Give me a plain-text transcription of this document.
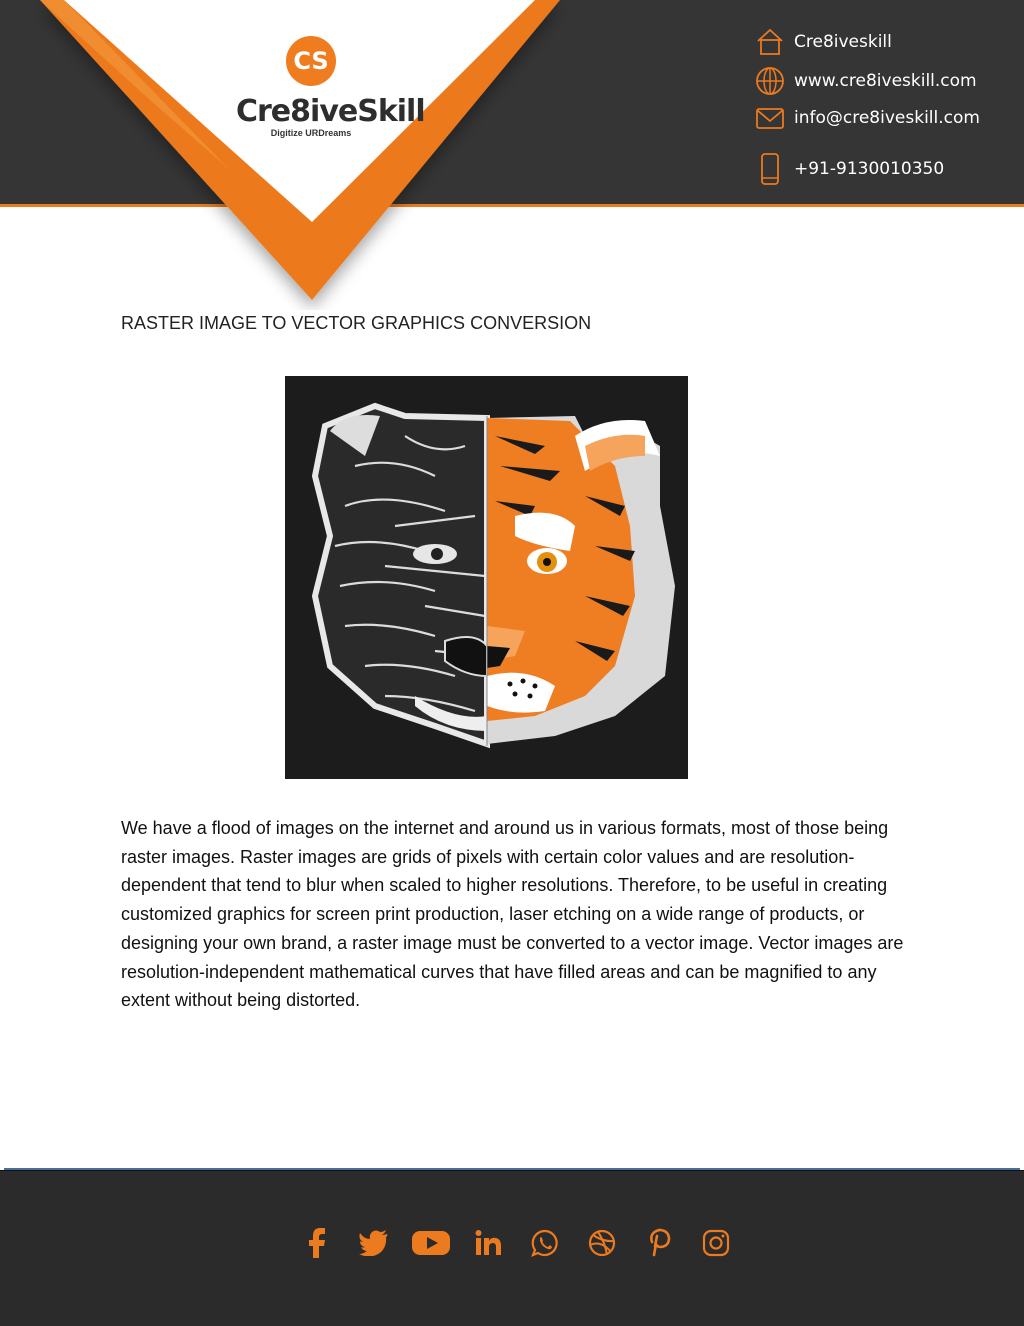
CS
Cre8iveSkill
Digitize URDreams
Cre8iveskill
www.cre8iveskill.com
info@cre8iveskill.com
+91-9130010350
RASTER IMAGE TO VECTOR GRAPHICS CONVERSION
We have a flood of images on the internet and around us in various formats, most of those being raster images. Raster images are grids of pixels with certain color values and are resolution-dependent that tend to blur when scaled to higher resolutions. Therefore, to be useful in creating customized graphics for screen print production, laser etching on a wide range of products, or designing your own brand, a raster image must be converted to a vector image. Vector images are resolution-independent mathematical curves that have filled areas and can be magnified to any extent without being distorted.
